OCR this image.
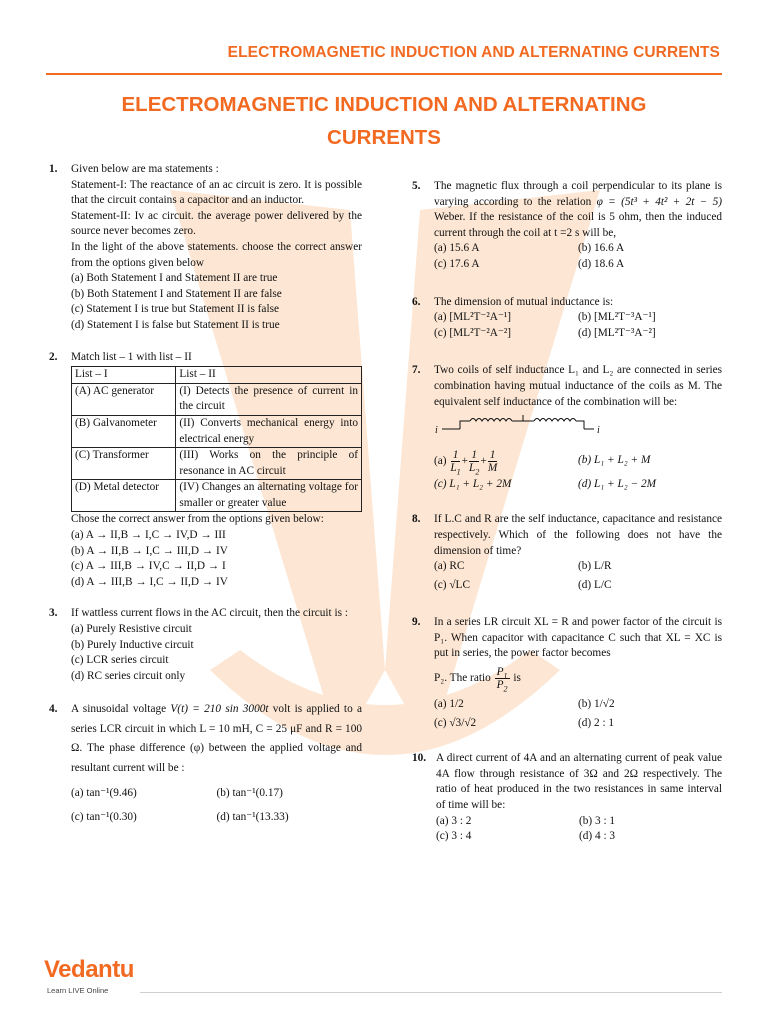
ELECTROMAGNETIC INDUCTION AND ALTERNATING CURRENTS
ELECTROMAGNETIC INDUCTION AND ALTERNATING
CURRENTS
1. Given below are ma statements :
Statement-I: The reactance of an ac circuit is zero. It is possible that the circuit contains a capacitor and an inductor.
Statement-II: Iv ac circuit. the average power delivered by the source never becomes zero.
In the light of the above statements. choose the correct answer from the options given below
(a) Both Statement I and Statement II are true
(b) Both Statement I and Statement II are false
(c) Statement I is true but Statement II is false
(d) Statement I is false but Statement II is true
2. Match list – 1 with list – II
List – I	List – II
(A) AC generator	(I) Detects the presence of current in the circuit
(B) Galvanometer	(II) Converts mechanical energy into electrical energy
(C) Transformer	(III) Works on the principle of resonance in AC circuit
(D) Metal detector	(IV) Changes an alternating voltage for smaller or greater value
Chose the correct answer from the options given below:
(a) A → II,B → I,C → IV,D → III
(b) A → II,B → I,C → III,D → IV
(c) A → III,B → IV,C → II,D → I
(d) A → III,B → I,C → II,D → IV
3. If wattless current flows in the AC circuit, then the circuit is :
(a) Purely Resistive circuit
(b) Purely Inductive circuit
(c) LCR series circuit
(d) RC series circuit only
4. A sinusoidal voltage V(t) = 210 sin 3000t volt is applied to a series LCR circuit in which L = 10 mH, C = 25 μF and R = 100 Ω. The phase difference (φ) between the applied voltage and resultant current will be :
(a) tan⁻¹(9.46)	(b) tan⁻¹(0.17)
(c) tan⁻¹(0.30)	(d) tan⁻¹(13.33)
5. The magnetic flux through a coil perpendicular to its plane is varying according to the relation φ = (5t³ + 4t² + 2t − 5) Weber. If the resistance of the coil is 5 ohm, then the induced current through the coil at t =2 s will be,
(a) 15.6 A	(b) 16.6 A
(c) 17.6 A	(d) 18.6 A
6. The dimension of mutual inductance is:
(a) [ML²T⁻²A⁻¹]	(b) [ML²T⁻³A⁻¹]
(c) [ML²T⁻²A⁻²]	(d) [ML²T⁻³A⁻²]
7. Two coils of self inductance L₁ and L₂ are connected in series combination having mutual inductance of the coils as M. The equivalent self inductance of the combination will be:
i	i
$(a) \frac{1}{L_1} + \frac{1}{L_2} + \frac{1}{M}$	(b) L₁ + L₂ + M
(c) L₁ + L₂ + 2M	(d) L₁ + L₂ − 2M
8. If L.C and R are the self inductance, capacitance and resistance respectively. Which of the following does not have the dimension of time?
(a) RC	(b) L/R
(c) √LC	(d) L/C
9. In a series LR circuit XL = R and power factor of the circuit is P₁. When capacitor with capacitance C such that XL = XC is put in series, the power factor becomes
P₂. The ratio $\frac{P_1}{P_2}$ is
(a) 1/2	(b) 1/√2
(c) √3/√2	(d) 2 : 1
10. A direct current of 4A and an alternating current of peak value 4A flow through resistance of 3Ω and 2Ω respectively. The ratio of heat produced in the two resistances in same interval of time will be:
(a) 3 : 2	(b) 3 : 1
(c) 3 : 4	(d) 4 : 3
Vedantu
Learn LIVE Online
